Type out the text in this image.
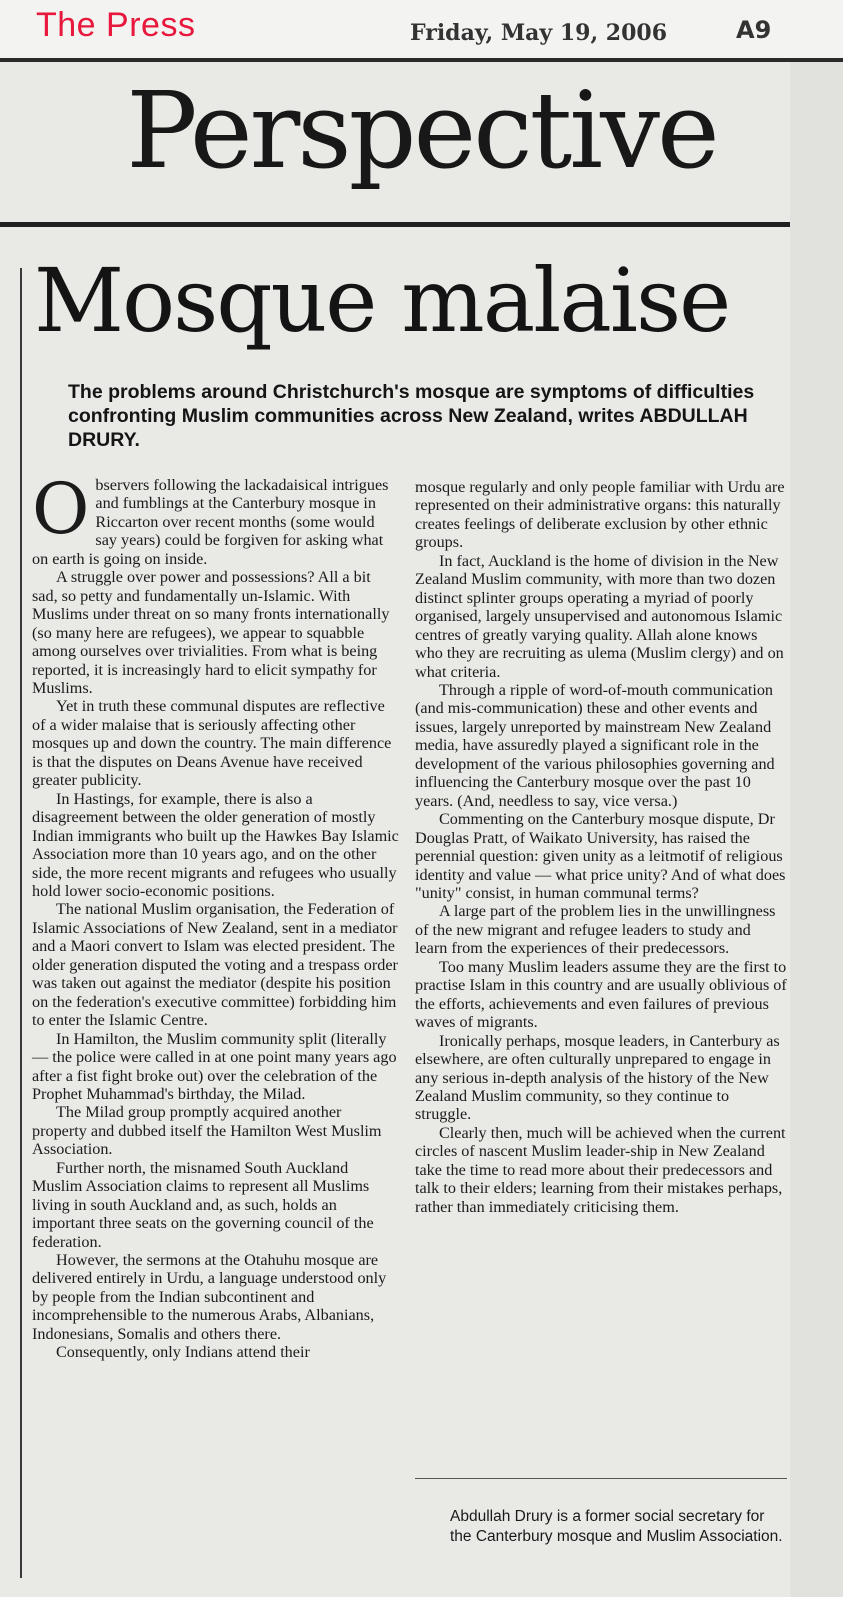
The Press	Friday, May 19, 2006	A9
Perspective
Mosque malaise
The problems around Christchurch's mosque are symptoms of difficulties confronting Muslim communities across New Zealand, writes ABDULLAH DRURY.

Observers following the lackadaisical intrigues and fumblings at the Canterbury mosque in Riccarton over recent months (some would say years) could be forgiven for asking what on earth is going on inside.

A struggle over power and possessions? All a bit sad, so petty and fundamentally un-Islamic. With Muslims under threat on so many fronts internationally (so many here are refugees), we appear to squabble among ourselves over trivialities. From what is being reported, it is increasingly hard to elicit sympathy for Muslims.

Yet in truth these communal disputes are reflective of a wider malaise that is seriously affecting other mosques up and down the country. The main difference is that the disputes on Deans Avenue have received greater publicity.

In Hastings, for example, there is also a disagreement between the older generation of mostly Indian immigrants who built up the Hawkes Bay Islamic Association more than 10 years ago, and on the other side, the more recent migrants and refugees who usually hold lower socio-economic positions.

The national Muslim organisation, the Federation of Islamic Associations of New Zealand, sent in a mediator and a Maori convert to Islam was elected president. The older generation disputed the voting and a trespass order was taken out against the mediator (despite his position on the federation's executive committee) forbidding him to enter the Islamic Centre.

In Hamilton, the Muslim community split (literally — the police were called in at one point many years ago after a fist fight broke out) over the celebration of the Prophet Muhammad's birthday, the Milad.

The Milad group promptly acquired another property and dubbed itself the Hamilton West Muslim Association.

Further north, the misnamed South Auckland Muslim Association claims to represent all Muslims living in south Auckland and, as such, holds an important three seats on the governing council of the federation.

However, the sermons at the Otahuhu mosque are delivered entirely in Urdu, a language understood only by people from the Indian subcontinent and incomprehensible to the numerous Arabs, Albanians, Indonesians, Somalis and others there.

Consequently, only Indians attend their

mosque regularly and only people familiar with Urdu are represented on their administrative organs: this naturally creates feelings of deliberate exclusion by other ethnic groups.

In fact, Auckland is the home of division in the New Zealand Muslim community, with more than two dozen distinct splinter groups operating a myriad of poorly organised, largely unsupervised and autonomous Islamic centres of greatly varying quality. Allah alone knows who they are recruiting as ulema (Muslim clergy) and on what criteria.

Through a ripple of word-of-mouth communication (and mis-communication) these and other events and issues, largely unreported by mainstream New Zealand media, have assuredly played a significant role in the development of the various philosophies governing and influencing the Canterbury mosque over the past 10 years. (And, needless to say, vice versa.)

Commenting on the Canterbury mosque dispute, Dr Douglas Pratt, of Waikato University, has raised the perennial question: given unity as a leitmotif of religious identity and value — what price unity? And of what does "unity" consist, in human communal terms?

A large part of the problem lies in the unwillingness of the new migrant and refugee leaders to study and learn from the experiences of their predecessors.

Too many Muslim leaders assume they are the first to practise Islam in this country and are usually oblivious of the efforts, achievements and even failures of previous waves of migrants.

Ironically perhaps, mosque leaders, in Canterbury as elsewhere, are often culturally unprepared to engage in any serious in-depth analysis of the history of the New Zealand Muslim community, so they continue to struggle.

Clearly then, much will be achieved when the current circles of nascent Muslim leader-ship in New Zealand take the time to read more about their predecessors and talk to their elders; learning from their mistakes perhaps, rather than immediately criticising them.

Abdullah Drury is a former social secretary for the Canterbury mosque and Muslim Association.
